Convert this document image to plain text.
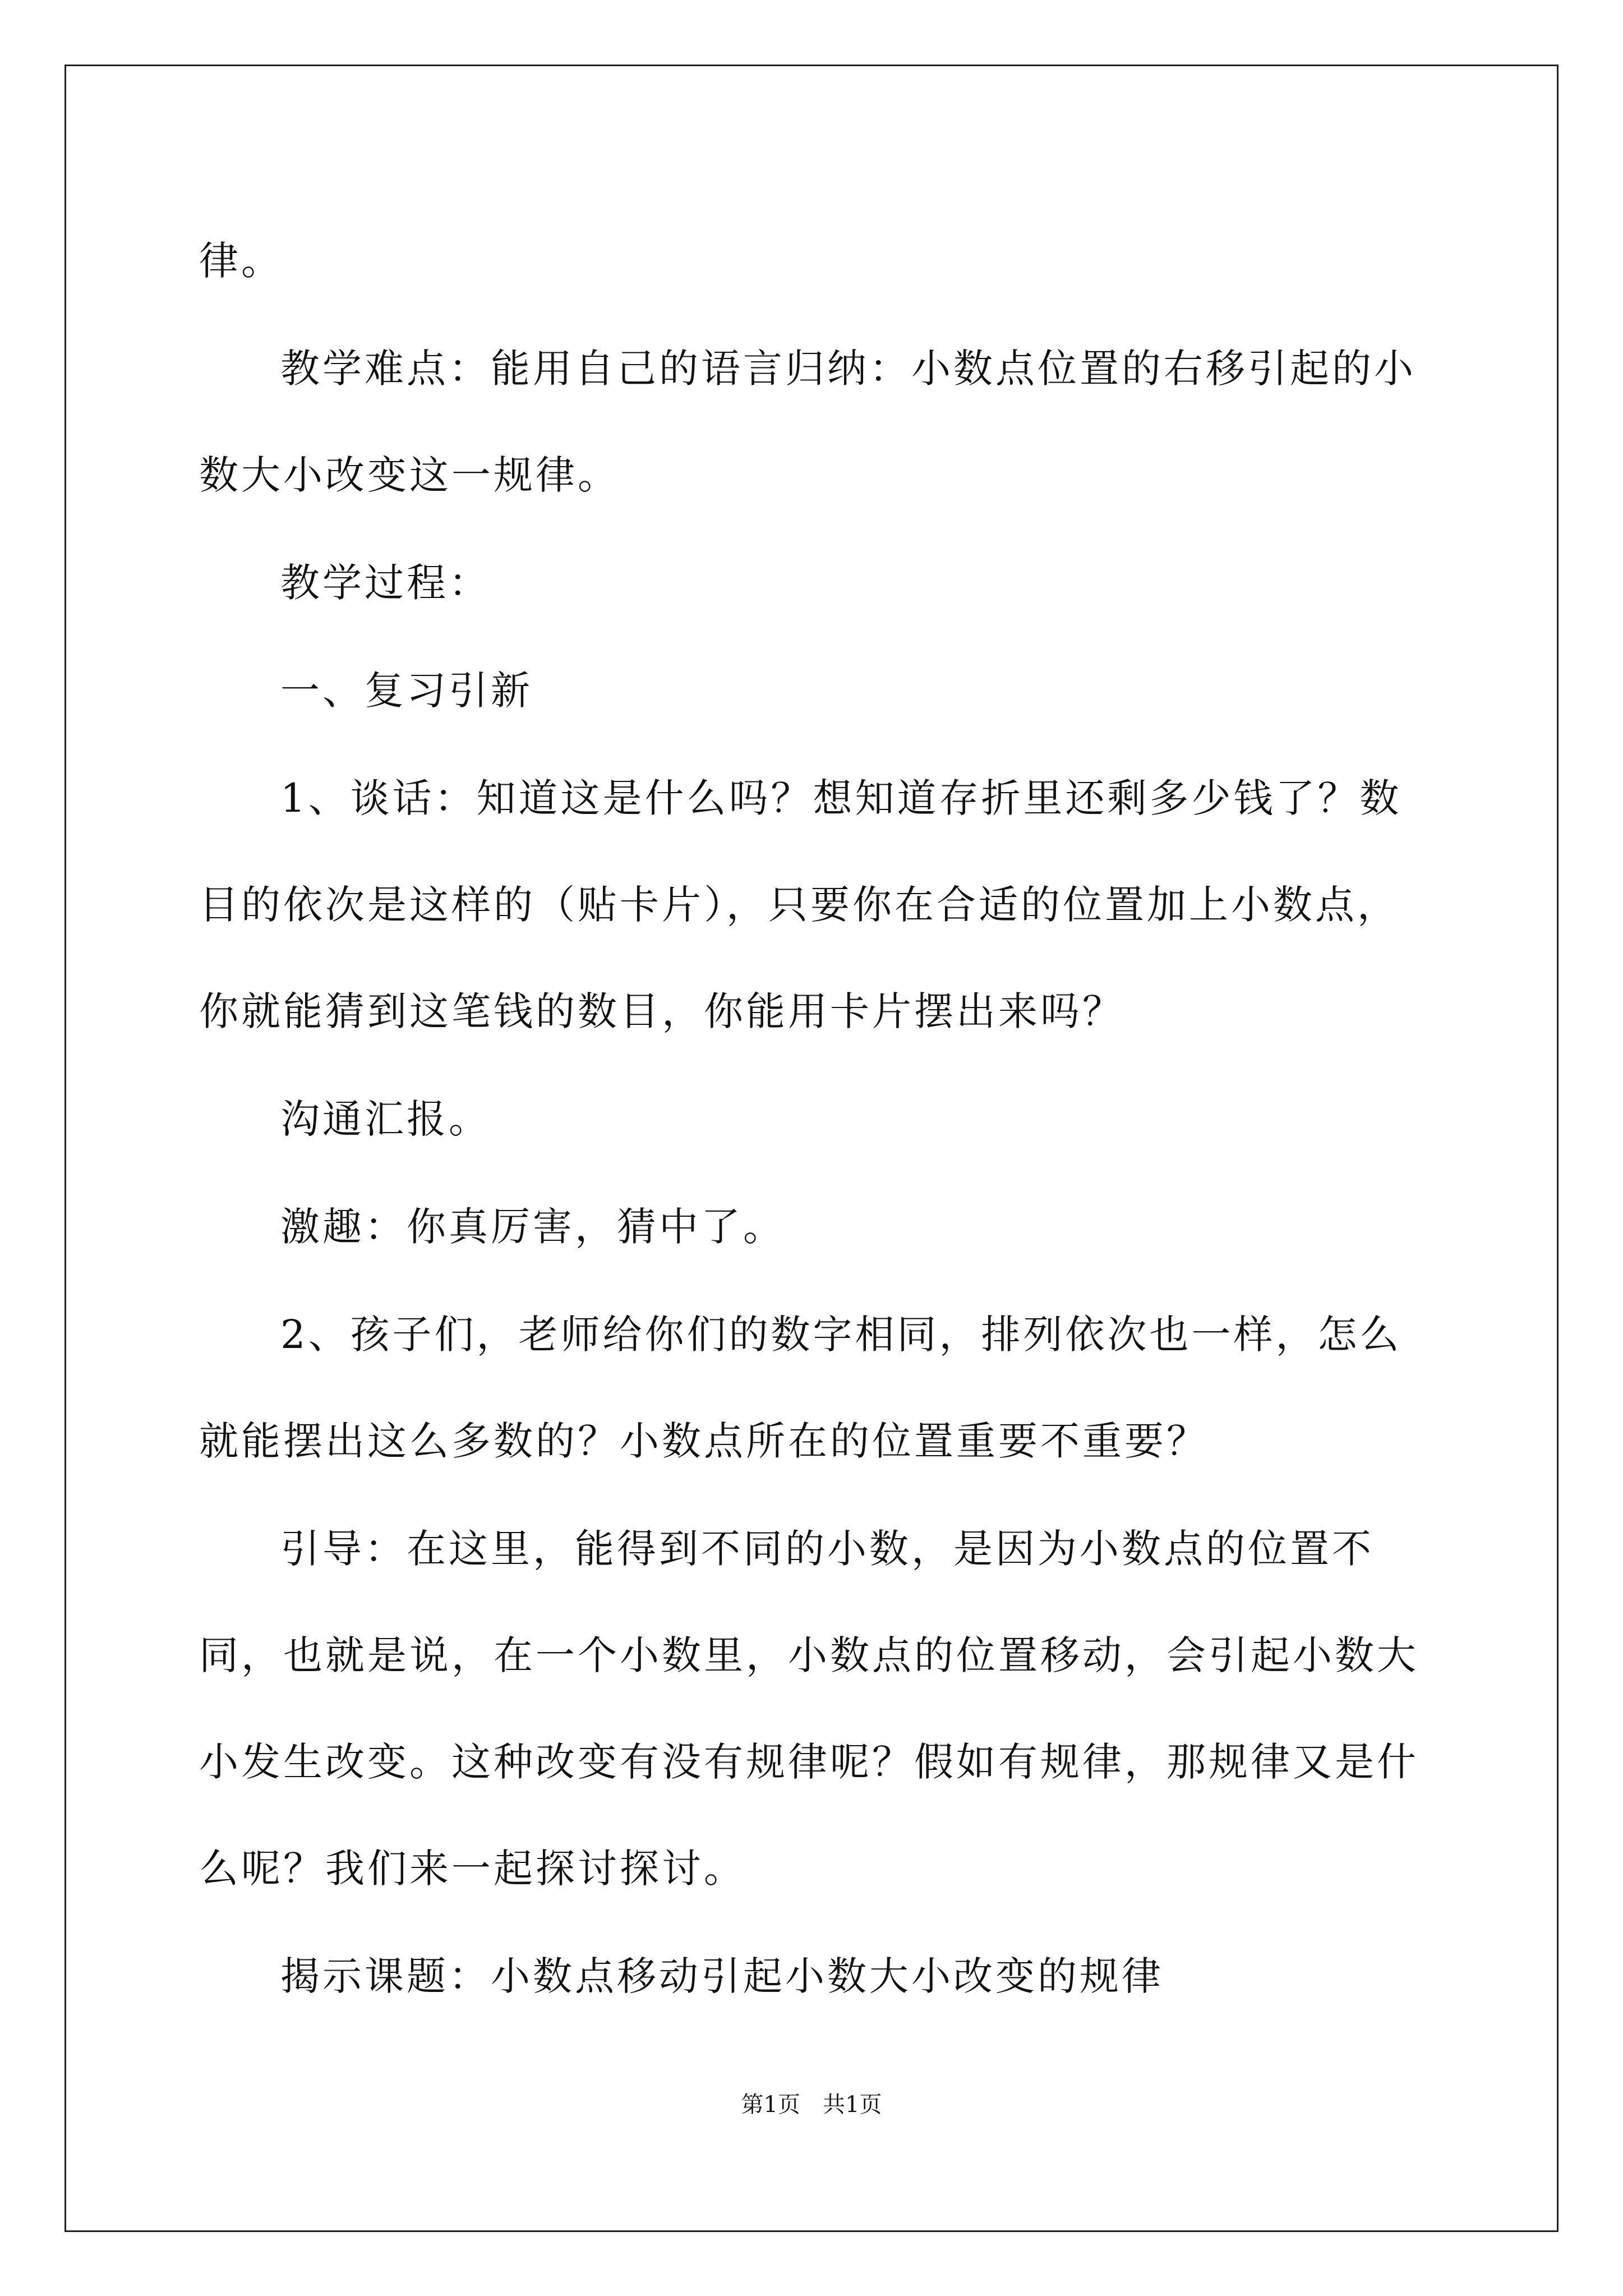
律。

教学难点：能用自己的语言归纳：小数点位置的右移引起的小数大小改变这一规律。

教学过程：

一、复习引新

1、谈话：知道这是什么吗？想知道存折里还剩多少钱了？数目的依次是这样的（贴卡片），只要你在合适的位置加上小数点，你就能猜到这笔钱的数目，你能用卡片摆出来吗？

沟通汇报。

激趣：你真厉害，猜中了。

2、孩子们，老师给你们的数字相同，排列依次也一样，怎么就能摆出这么多数的？小数点所在的位置重要不重要？

引导：在这里，能得到不同的小数，是因为小数点的位置不同，也就是说，在一个小数里，小数点的位置移动，会引起小数大小发生改变。这种改变有没有规律呢？假如有规律，那规律又是什么呢？我们来一起探讨探讨。

揭示课题：小数点移动引起小数大小改变的规律

第1页　共1页
